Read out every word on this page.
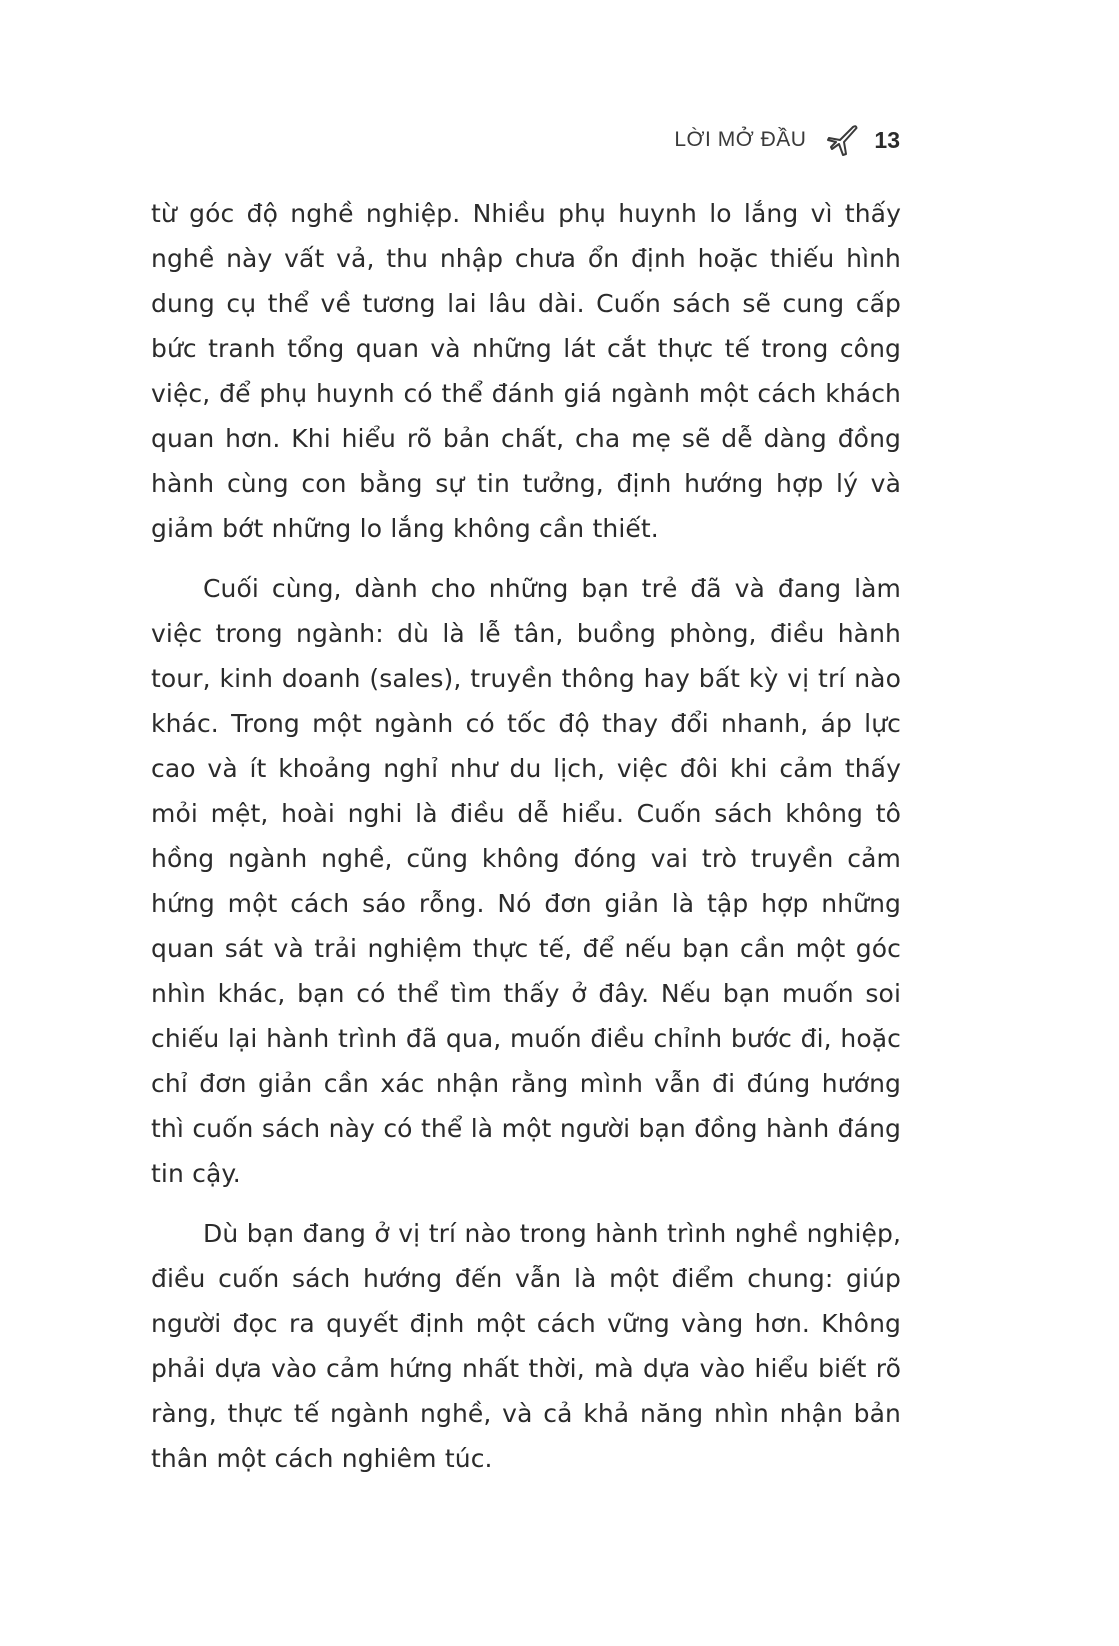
LỜI MỞ ĐẦU	13

từ góc độ nghề nghiệp. Nhiều phụ huynh lo lắng vì thấy nghề này vất vả, thu nhập chưa ổn định hoặc thiếu hình dung cụ thể về tương lai lâu dài. Cuốn sách sẽ cung cấp bức tranh tổng quan và những lát cắt thực tế trong công việc, để phụ huynh có thể đánh giá ngành một cách khách quan hơn. Khi hiểu rõ bản chất, cha mẹ sẽ dễ dàng đồng hành cùng con bằng sự tin tưởng, định hướng hợp lý và giảm bớt những lo lắng không cần thiết.

Cuối cùng, dành cho những bạn trẻ đã và đang làm việc trong ngành: dù là lễ tân, buồng phòng, điều hành tour, kinh doanh (sales), truyền thông hay bất kỳ vị trí nào khác. Trong một ngành có tốc độ thay đổi nhanh, áp lực cao và ít khoảng nghỉ như du lịch, việc đôi khi cảm thấy mỏi mệt, hoài nghi là điều dễ hiểu. Cuốn sách không tô hồng ngành nghề, cũng không đóng vai trò truyền cảm hứng một cách sáo rỗng. Nó đơn giản là tập hợp những quan sát và trải nghiệm thực tế, để nếu bạn cần một góc nhìn khác, bạn có thể tìm thấy ở đây. Nếu bạn muốn soi chiếu lại hành trình đã qua, muốn điều chỉnh bước đi, hoặc chỉ đơn giản cần xác nhận rằng mình vẫn đi đúng hướng thì cuốn sách này có thể là một người bạn đồng hành đáng tin cậy.

Dù bạn đang ở vị trí nào trong hành trình nghề nghiệp, điều cuốn sách hướng đến vẫn là một điểm chung: giúp người đọc ra quyết định một cách vững vàng hơn. Không phải dựa vào cảm hứng nhất thời, mà dựa vào hiểu biết rõ ràng, thực tế ngành nghề, và cả khả năng nhìn nhận bản thân một cách nghiêm túc.
